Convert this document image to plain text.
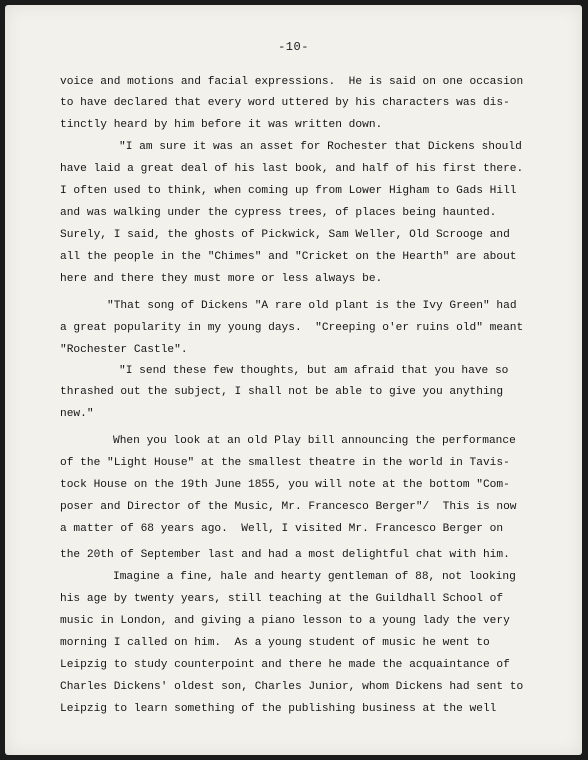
-10-
voice and motions and facial expressions.  He is said on one occasion
to have declared that every word uttered by his characters was dis-
tinctly heard by him before it was written down.
"I am sure it was an asset for Rochester that Dickens should
have laid a great deal of his last book, and half of his first there.
I often used to think, when coming up from Lower Higham to Gads Hill
and was walking under the cypress trees, of places being haunted.
Surely, I said, the ghosts of Pickwick, Sam Weller, Old Scrooge and
all the people in the "Chimes" and "Cricket on the Hearth" are about
here and there they must more or less always be.
"That song of Dickens "A rare old plant is the Ivy Green" had
a great popularity in my young days.  "Creeping o'er ruins old" meant
"Rochester Castle".
"I send these few thoughts, but am afraid that you have so
thrashed out the subject, I shall not be able to give you anything
new."
When you look at an old Play bill announcing the performance
of the "Light House" at the smallest theatre in the world in Tavis-
tock House on the 19th June 1855, you will note at the bottom "Com-
poser and Director of the Music, Mr. Francesco Berger"/  This is now
a matter of 68 years ago.  Well, I visited Mr. Francesco Berger on
the 20th of September last and had a most delightful chat with him.
Imagine a fine, hale and hearty gentleman of 88, not looking
his age by twenty years, still teaching at the Guildhall School of
music in London, and giving a piano lesson to a young lady the very
morning I called on him.  As a young student of music he went to
Leipzig to study counterpoint and there he made the acquaintance of
Charles Dickens' oldest son, Charles Junior, whom Dickens had sent to
Leipzig to learn something of the publishing business at the well
